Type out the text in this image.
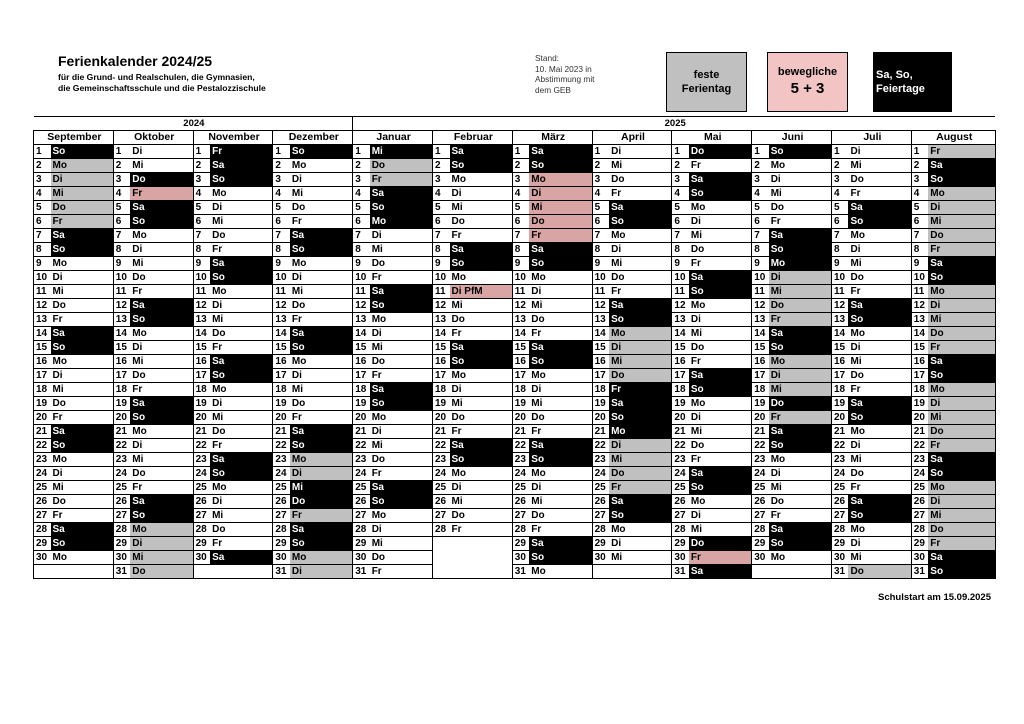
Ferienkalender 2024/25
für die Grund- und Realschulen, die Gymnasien,
die Gemeinschaftsschule und die Pestalozzischule
Stand:
10. Mai 2023 in
Abstimmung mit
dem GEB
feste
Ferientag
bewegliche
5 + 3
Sa, So,
Feiertage
2024								2025															
September		Oktober		November		Dezember		Januar		Februar		März		April		Mai		Juni		Juli		August	
1	So	1	Di	1	Fr	1	So	1	Mi	1	Sa	1	Sa	1	Di	1	Do	1	So	1	Di	1	Fr
2	Mo	2	Mi	2	Sa	2	Mo	2	Do	2	So	2	So	2	Mi	2	Fr	2	Mo	2	Mi	2	Sa
3	Di	3	Do	3	So	3	Di	3	Fr	3	Mo	3	Mo	3	Do	3	Sa	3	Di	3	Do	3	So
4	Mi	4	Fr	4	Mo	4	Mi	4	Sa	4	Di	4	Di	4	Fr	4	So	4	Mi	4	Fr	4	Mo
5	Do	5	Sa	5	Di	5	Do	5	So	5	Mi	5	Mi	5	Sa	5	Mo	5	Do	5	Sa	5	Di
6	Fr	6	So	6	Mi	6	Fr	6	Mo	6	Do	6	Do	6	So	6	Di	6	Fr	6	So	6	Mi
7	Sa	7	Mo	7	Do	7	Sa	7	Di	7	Fr	7	Fr	7	Mo	7	Mi	7	Sa	7	Mo	7	Do
8	So	8	Di	8	Fr	8	So	8	Mi	8	Sa	8	Sa	8	Di	8	Do	8	So	8	Di	8	Fr
9	Mo	9	Mi	9	Sa	9	Mo	9	Do	9	So	9	So	9	Mi	9	Fr	9	Mo	9	Mi	9	Sa
10	Di	10	Do	10	So	10	Di	10	Fr	10	Mo	10	Mo	10	Do	10	Sa	10	Di	10	Do	10	So
11	Mi	11	Fr	11	Mo	11	Mi	11	Sa	11	Di PfM	11	Di	11	Fr	11	So	11	Mi	11	Fr	11	Mo
12	Do	12	Sa	12	Di	12	Do	12	So	12	Mi	12	Mi	12	Sa	12	Mo	12	Do	12	Sa	12	Di
13	Fr	13	So	13	Mi	13	Fr	13	Mo	13	Do	13	Do	13	So	13	Di	13	Fr	13	So	13	Mi
14	Sa	14	Mo	14	Do	14	Sa	14	Di	14	Fr	14	Fr	14	Mo	14	Mi	14	Sa	14	Mo	14	Do
15	So	15	Di	15	Fr	15	So	15	Mi	15	Sa	15	Sa	15	Di	15	Do	15	So	15	Di	15	Fr
16	Mo	16	Mi	16	Sa	16	Mo	16	Do	16	So	16	So	16	Mi	16	Fr	16	Mo	16	Mi	16	Sa
17	Di	17	Do	17	So	17	Di	17	Fr	17	Mo	17	Mo	17	Do	17	Sa	17	Di	17	Do	17	So
18	Mi	18	Fr	18	Mo	18	Mi	18	Sa	18	Di	18	Di	18	Fr	18	So	18	Mi	18	Fr	18	Mo
19	Do	19	Sa	19	Di	19	Do	19	So	19	Mi	19	Mi	19	Sa	19	Mo	19	Do	19	Sa	19	Di
20	Fr	20	So	20	Mi	20	Fr	20	Mo	20	Do	20	Do	20	So	20	Di	20	Fr	20	So	20	Mi
21	Sa	21	Mo	21	Do	21	Sa	21	Di	21	Fr	21	Fr	21	Mo	21	Mi	21	Sa	21	Mo	21	Do
22	So	22	Di	22	Fr	22	So	22	Mi	22	Sa	22	Sa	22	Di	22	Do	22	So	22	Di	22	Fr
23	Mo	23	Mi	23	Sa	23	Mo	23	Do	23	So	23	So	23	Mi	23	Fr	23	Mo	23	Mi	23	Sa
24	Di	24	Do	24	So	24	Di	24	Fr	24	Mo	24	Mo	24	Do	24	Sa	24	Di	24	Do	24	So
25	Mi	25	Fr	25	Mo	25	Mi	25	Sa	25	Di	25	Di	25	Fr	25	So	25	Mi	25	Fr	25	Mo
26	Do	26	Sa	26	Di	26	Do	26	So	26	Mi	26	Mi	26	Sa	26	Mo	26	Do	26	Sa	26	Di
27	Fr	27	So	27	Mi	27	Fr	27	Mo	27	Do	27	Do	27	So	27	Di	27	Fr	27	So	27	Mi
28	Sa	28	Mo	28	Do	28	Sa	28	Di	28	Fr	28	Fr	28	Mo	28	Mi	28	Sa	28	Mo	28	Do
29	So	29	Di	29	Fr	29	So	29	Mi			29	Sa	29	Di	29	Do	29	So	29	Di	29	Fr
30	Mo	30	Mi	30	Sa	30	Mo	30	Do			30	So	30	Mi	30	Fr	30	Mo	30	Mi	30	Sa
		31	Do			31	Di	31	Fr			31	Mo			31	Sa			31	Do	31	So

Schulstart am 15.09.2025
